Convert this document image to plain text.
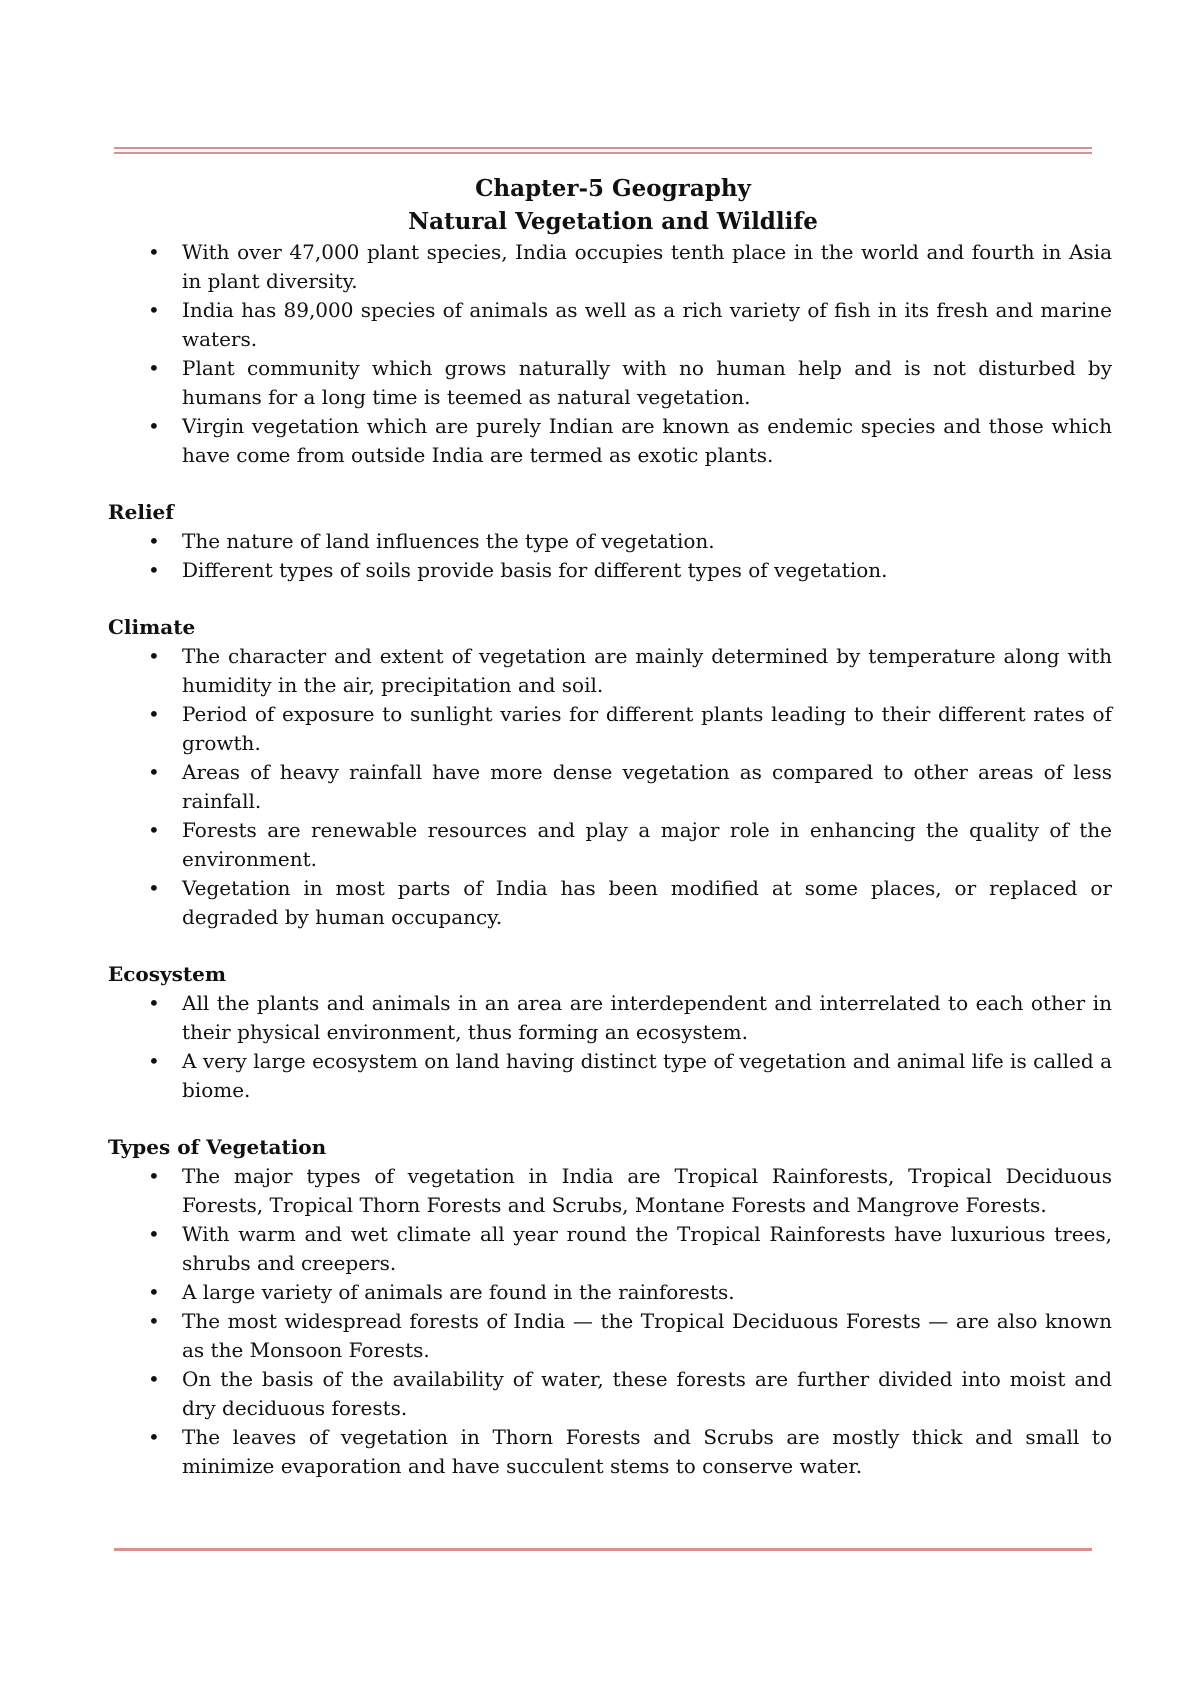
Chapter-5 Geography
Natural Vegetation and Wildlife
• With over 47,000 plant species, India occupies tenth place in the world and fourth in Asia in plant diversity.
• India has 89,000 species of animals as well as a rich variety of fish in its fresh and marine waters.
• Plant community which grows naturally with no human help and is not disturbed by humans for a long time is teemed as natural vegetation.
• Virgin vegetation which are purely Indian are known as endemic species and those which have come from outside India are termed as exotic plants.
Relief
• The nature of land influences the type of vegetation.
• Different types of soils provide basis for different types of vegetation.
Climate
• The character and extent of vegetation are mainly determined by temperature along with humidity in the air, precipitation and soil.
• Period of exposure to sunlight varies for different plants leading to their different rates of growth.
• Areas of heavy rainfall have more dense vegetation as compared to other areas of less rainfall.
• Forests are renewable resources and play a major role in enhancing the quality of the environment.
• Vegetation in most parts of India has been modified at some places, or replaced or degraded by human occupancy.
Ecosystem
• All the plants and animals in an area are interdependent and interrelated to each other in their physical environment, thus forming an ecosystem.
• A very large ecosystem on land having distinct type of vegetation and animal life is called a biome.
Types of Vegetation
• The major types of vegetation in India are Tropical Rainforests, Tropical Deciduous Forests, Tropical Thorn Forests and Scrubs, Montane Forests and Mangrove Forests.
• With warm and wet climate all year round the Tropical Rainforests have luxurious trees, shrubs and creepers.
• A large variety of animals are found in the rainforests.
• The most widespread forests of India — the Tropical Deciduous Forests — are also known as the Monsoon Forests.
• On the basis of the availability of water, these forests are further divided into moist and dry deciduous forests.
• The leaves of vegetation in Thorn Forests and Scrubs are mostly thick and small to minimize evaporation and have succulent stems to conserve water.
